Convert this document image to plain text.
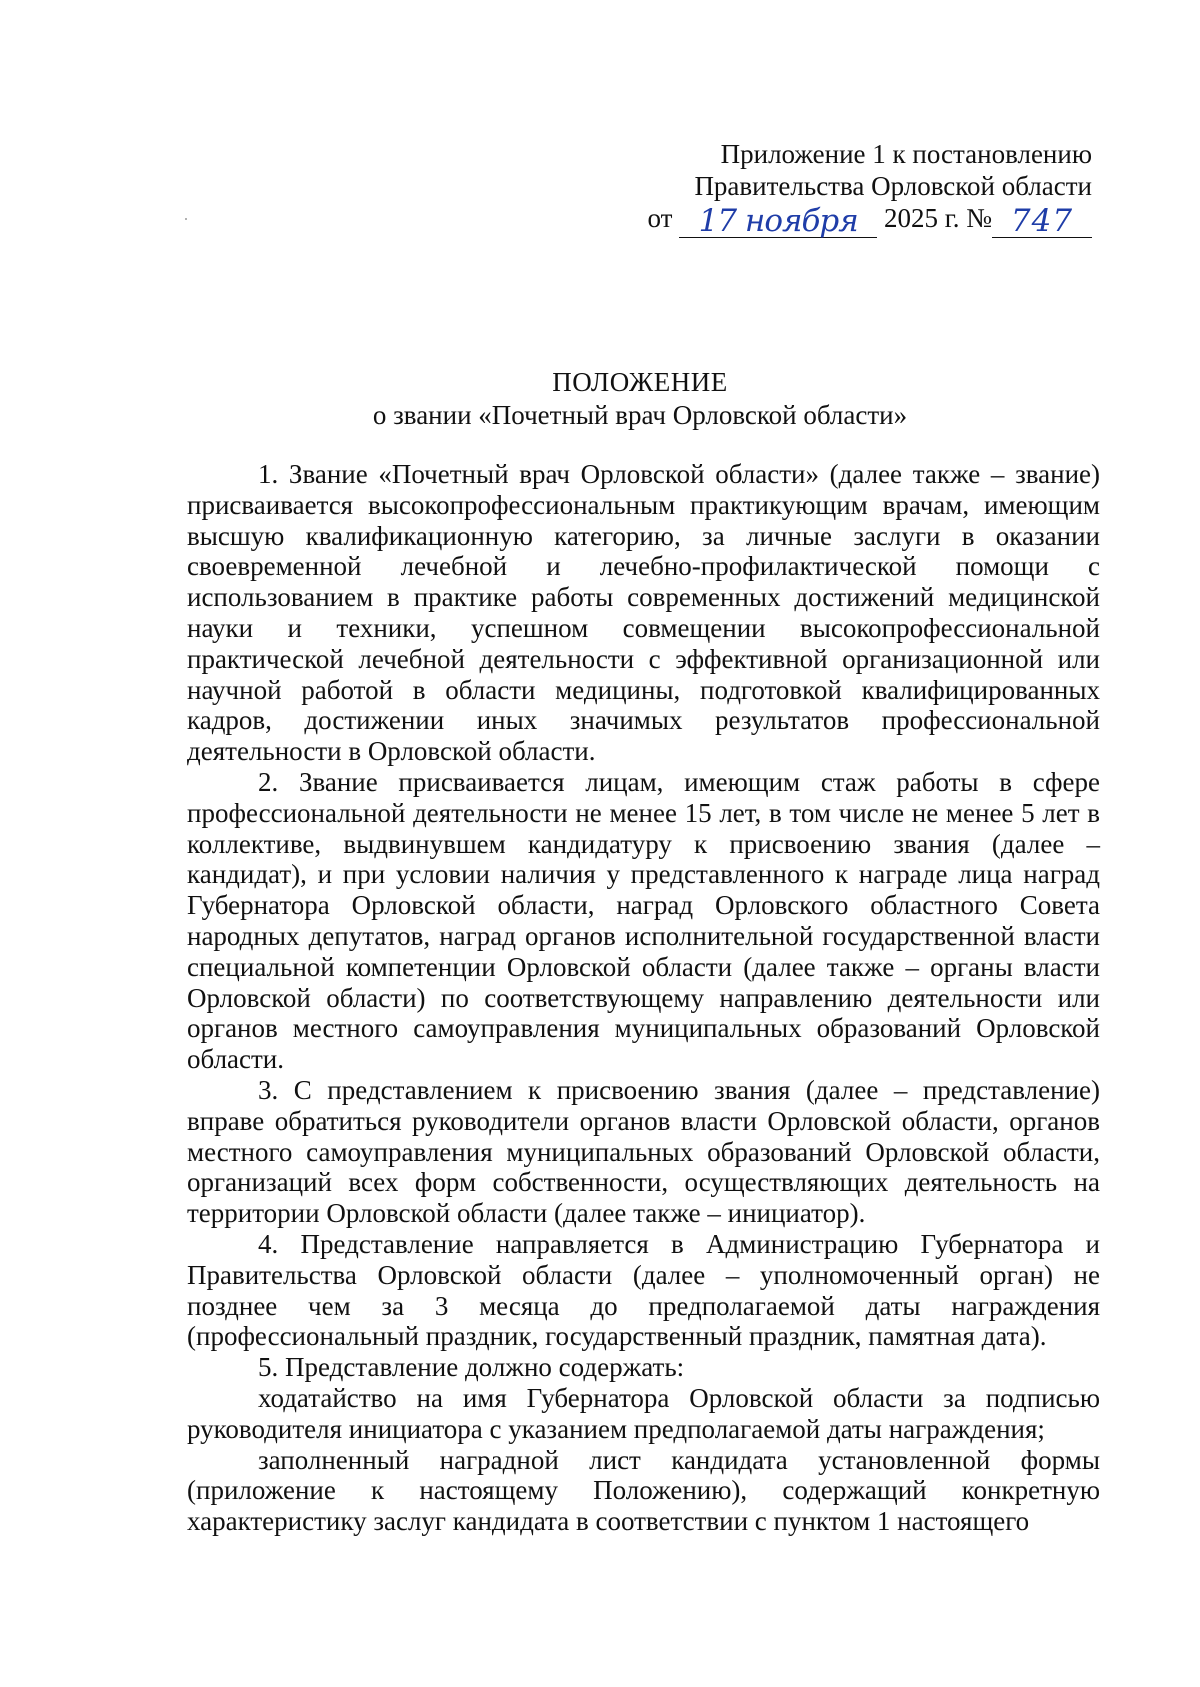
Приложение 1 к постановлению
Правительства Орловской области
от 17 ноября 2025 г. № 747
ПОЛОЖЕНИЕ
о звании «Почетный врач Орловской области»

1. Звание «Почетный врач Орловской области» (далее также – звание) присваивается высокопрофессиональным практикующим врачам, имеющим высшую квалификационную категорию, за личные заслуги в оказании своевременной лечебной и лечебно-профилактической помощи с использованием в практике работы современных достижений медицинской науки и техники, успешном совмещении высокопрофессиональной практической лечебной деятельности с эффективной организационной или научной работой в области медицины, подготовкой квалифицированных кадров, достижении иных значимых результатов профессиональной деятельности в Орловской области.

2. Звание присваивается лицам, имеющим стаж работы в сфере профессиональной деятельности не менее 15 лет, в том числе не менее 5 лет в коллективе, выдвинувшем кандидатуру к присвоению звания (далее – кандидат), и при условии наличия у представленного к награде лица наград Губернатора Орловской области, наград Орловского областного Совета народных депутатов, наград органов исполнительной государственной власти специальной компетенции Орловской области (далее также – органы власти Орловской области) по соответствующему направлению деятельности или органов местного самоуправления муниципальных образований Орловской области.

3. С представлением к присвоению звания (далее – представление) вправе обратиться руководители органов власти Орловской области, органов местного самоуправления муниципальных образований Орловской области, организаций всех форм собственности, осуществляющих деятельность на территории Орловской области (далее также – инициатор).

4. Представление направляется в Администрацию Губернатора и Правительства Орловской области (далее – уполномоченный орган) не позднее чем за 3 месяца до предполагаемой даты награждения (профессиональный праздник, государственный праздник, памятная дата).

5. Представление должно содержать:

ходатайство на имя Губернатора Орловской области за подписью руководителя инициатора с указанием предполагаемой даты награждения;

заполненный наградной лист кандидата установленной формы (приложение к настоящему Положению), содержащий конкретную характеристику заслуг кандидата в соответствии с пунктом 1 настоящего
